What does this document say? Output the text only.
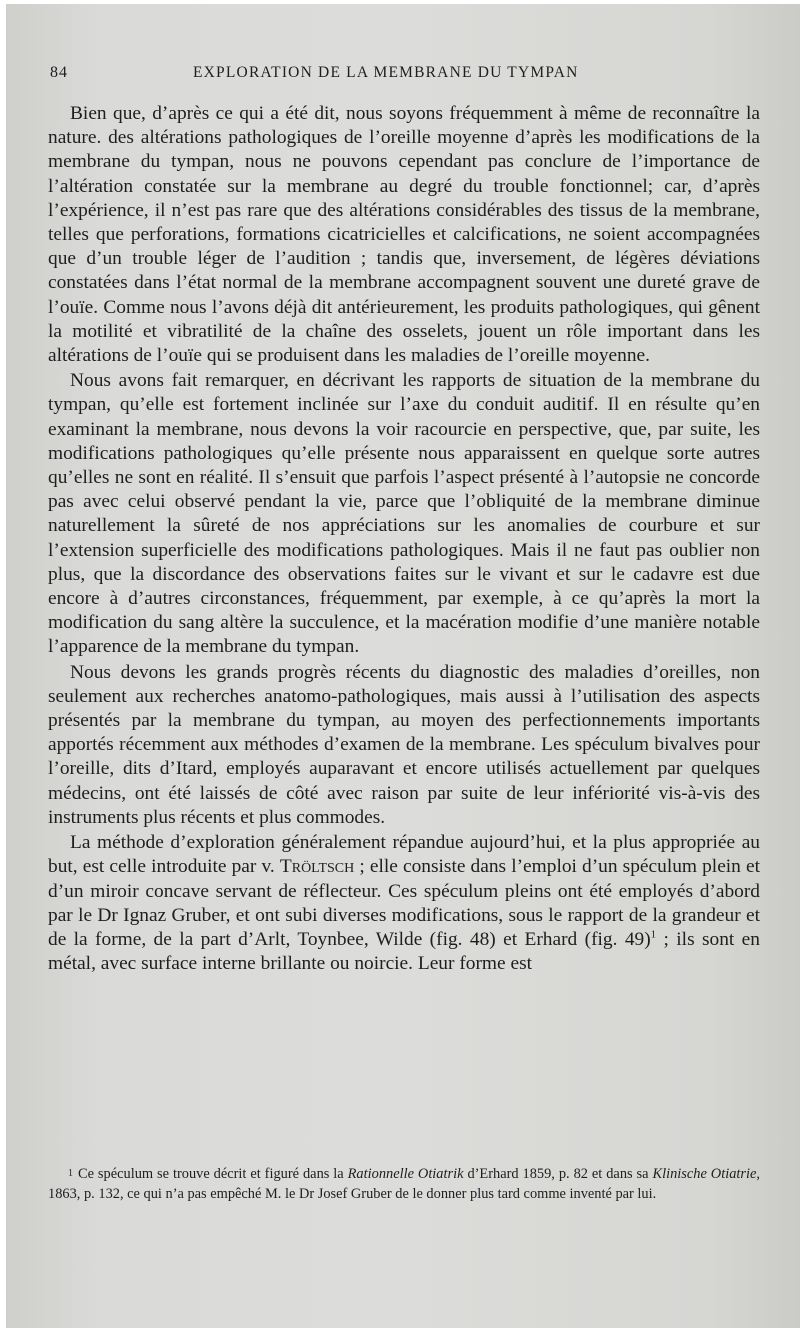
84	EXPLORATION DE LA MEMBRANE DU TYMPAN

Bien que, d’après ce qui a été dit, nous soyons fréquemment à même de reconnaître la nature. des altérations pathologiques de l’oreille moyenne d’après les modifications de la membrane du tympan, nous ne pouvons cependant pas conclure de l’importance de l’altération constatée sur la membrane au degré du trouble fonctionnel; car, d’après l’expérience, il n’est pas rare que des altérations considérables des tissus de la membrane, telles que perforations, formations cicatricielles et calcifications, ne soient accompagnées que d’un trouble léger de l’audition ; tandis que, inversement, de légères déviations constatées dans l’état normal de la membrane accompagnent souvent une dureté grave de l’ouïe. Comme nous l’avons déjà dit antérieurement, les produits pathologiques, qui gênent la motilité et vibratilité de la chaîne des osselets, jouent un rôle important dans les altérations de l’ouïe qui se produisent dans les maladies de l’oreille moyenne.

Nous avons fait remarquer, en décrivant les rapports de situation de la membrane du tympan, qu’elle est fortement inclinée sur l’axe du conduit auditif. Il en résulte qu’en examinant la membrane, nous devons la voir racourcie en perspective, que, par suite, les modifications pathologiques qu’elle présente nous apparaissent en quelque sorte autres qu’elles ne sont en réalité. Il s’ensuit que parfois l’aspect présenté à l’autopsie ne concorde pas avec celui observé pendant la vie, parce que l’obliquité de la membrane diminue naturellement la sûreté de nos appréciations sur les anomalies de courbure et sur l’extension superficielle des modifications pathologiques. Mais il ne faut pas oublier non plus, que la discordance des observations faites sur le vivant et sur le cadavre est due encore à d’autres circonstances, fréquemment, par exemple, à ce qu’après la mort la modification du sang altère la succulence, et la macération modifie d’une manière notable l’apparence de la membrane du tympan.

Nous devons les grands progrès récents du diagnostic des maladies d’oreilles, non seulement aux recherches anatomo-pathologiques, mais aussi à l’utilisation des aspects présentés par la membrane du tympan, au moyen des perfectionnements importants apportés récemment aux méthodes d’examen de la membrane. Les spéculum bivalves pour l’oreille, dits d’Itard, employés auparavant et encore utilisés actuellement par quelques médecins, ont été laissés de côté avec raison par suite de leur infériorité vis-à-vis des instruments plus récents et plus commodes.

La méthode d’exploration généralement répandue aujourd’hui, et la plus appropriée au but, est celle introduite par v. Tröltsch ; elle consiste dans l’emploi d’un spéculum plein et d’un miroir concave servant de réflecteur. Ces spéculum pleins ont été employés d’abord par le Dr Ignaz Gruber, et ont subi diverses modifications, sous le rapport de la grandeur et de la forme, de la part d’Arlt, Toynbee, Wilde (fig. 48) et Erhard (fig. 49)$^1$ ; ils sont en métal, avec surface interne brillante ou noircie. Leur forme est

$^1$ Ce spéculum se trouve décrit et figuré dans la Rationnelle Otiatrik d’Erhard 1859, p. 82 et dans sa Klinische Otiatrie, 1863, p. 132, ce qui n’a pas empêché M. le Dr Josef Gruber de le donner plus tard comme inventé par lui.
